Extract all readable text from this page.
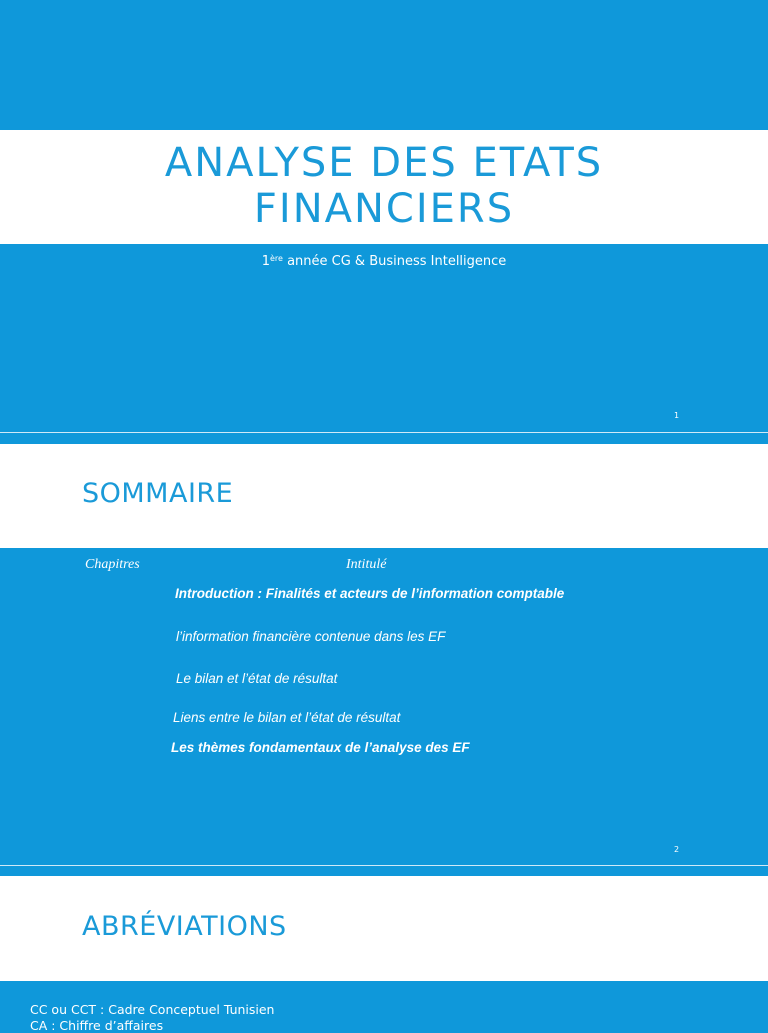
ANALYSE DES ETATS
FINANCIERS
1ère année CG & Business Intelligence
1
SOMMAIRE
Chapitres	Intitulé
Introduction : Finalités et acteurs de l’information comptable
l’information financière contenue dans les EF
Le bilan et l’état de résultat
Liens entre le bilan et l’état de résultat
Les thèmes fondamentaux de l’analyse des EF
2
ABRÉVIATIONS
CC ou CCT : Cadre Conceptuel Tunisien
CA : Chiffre d’affaires
